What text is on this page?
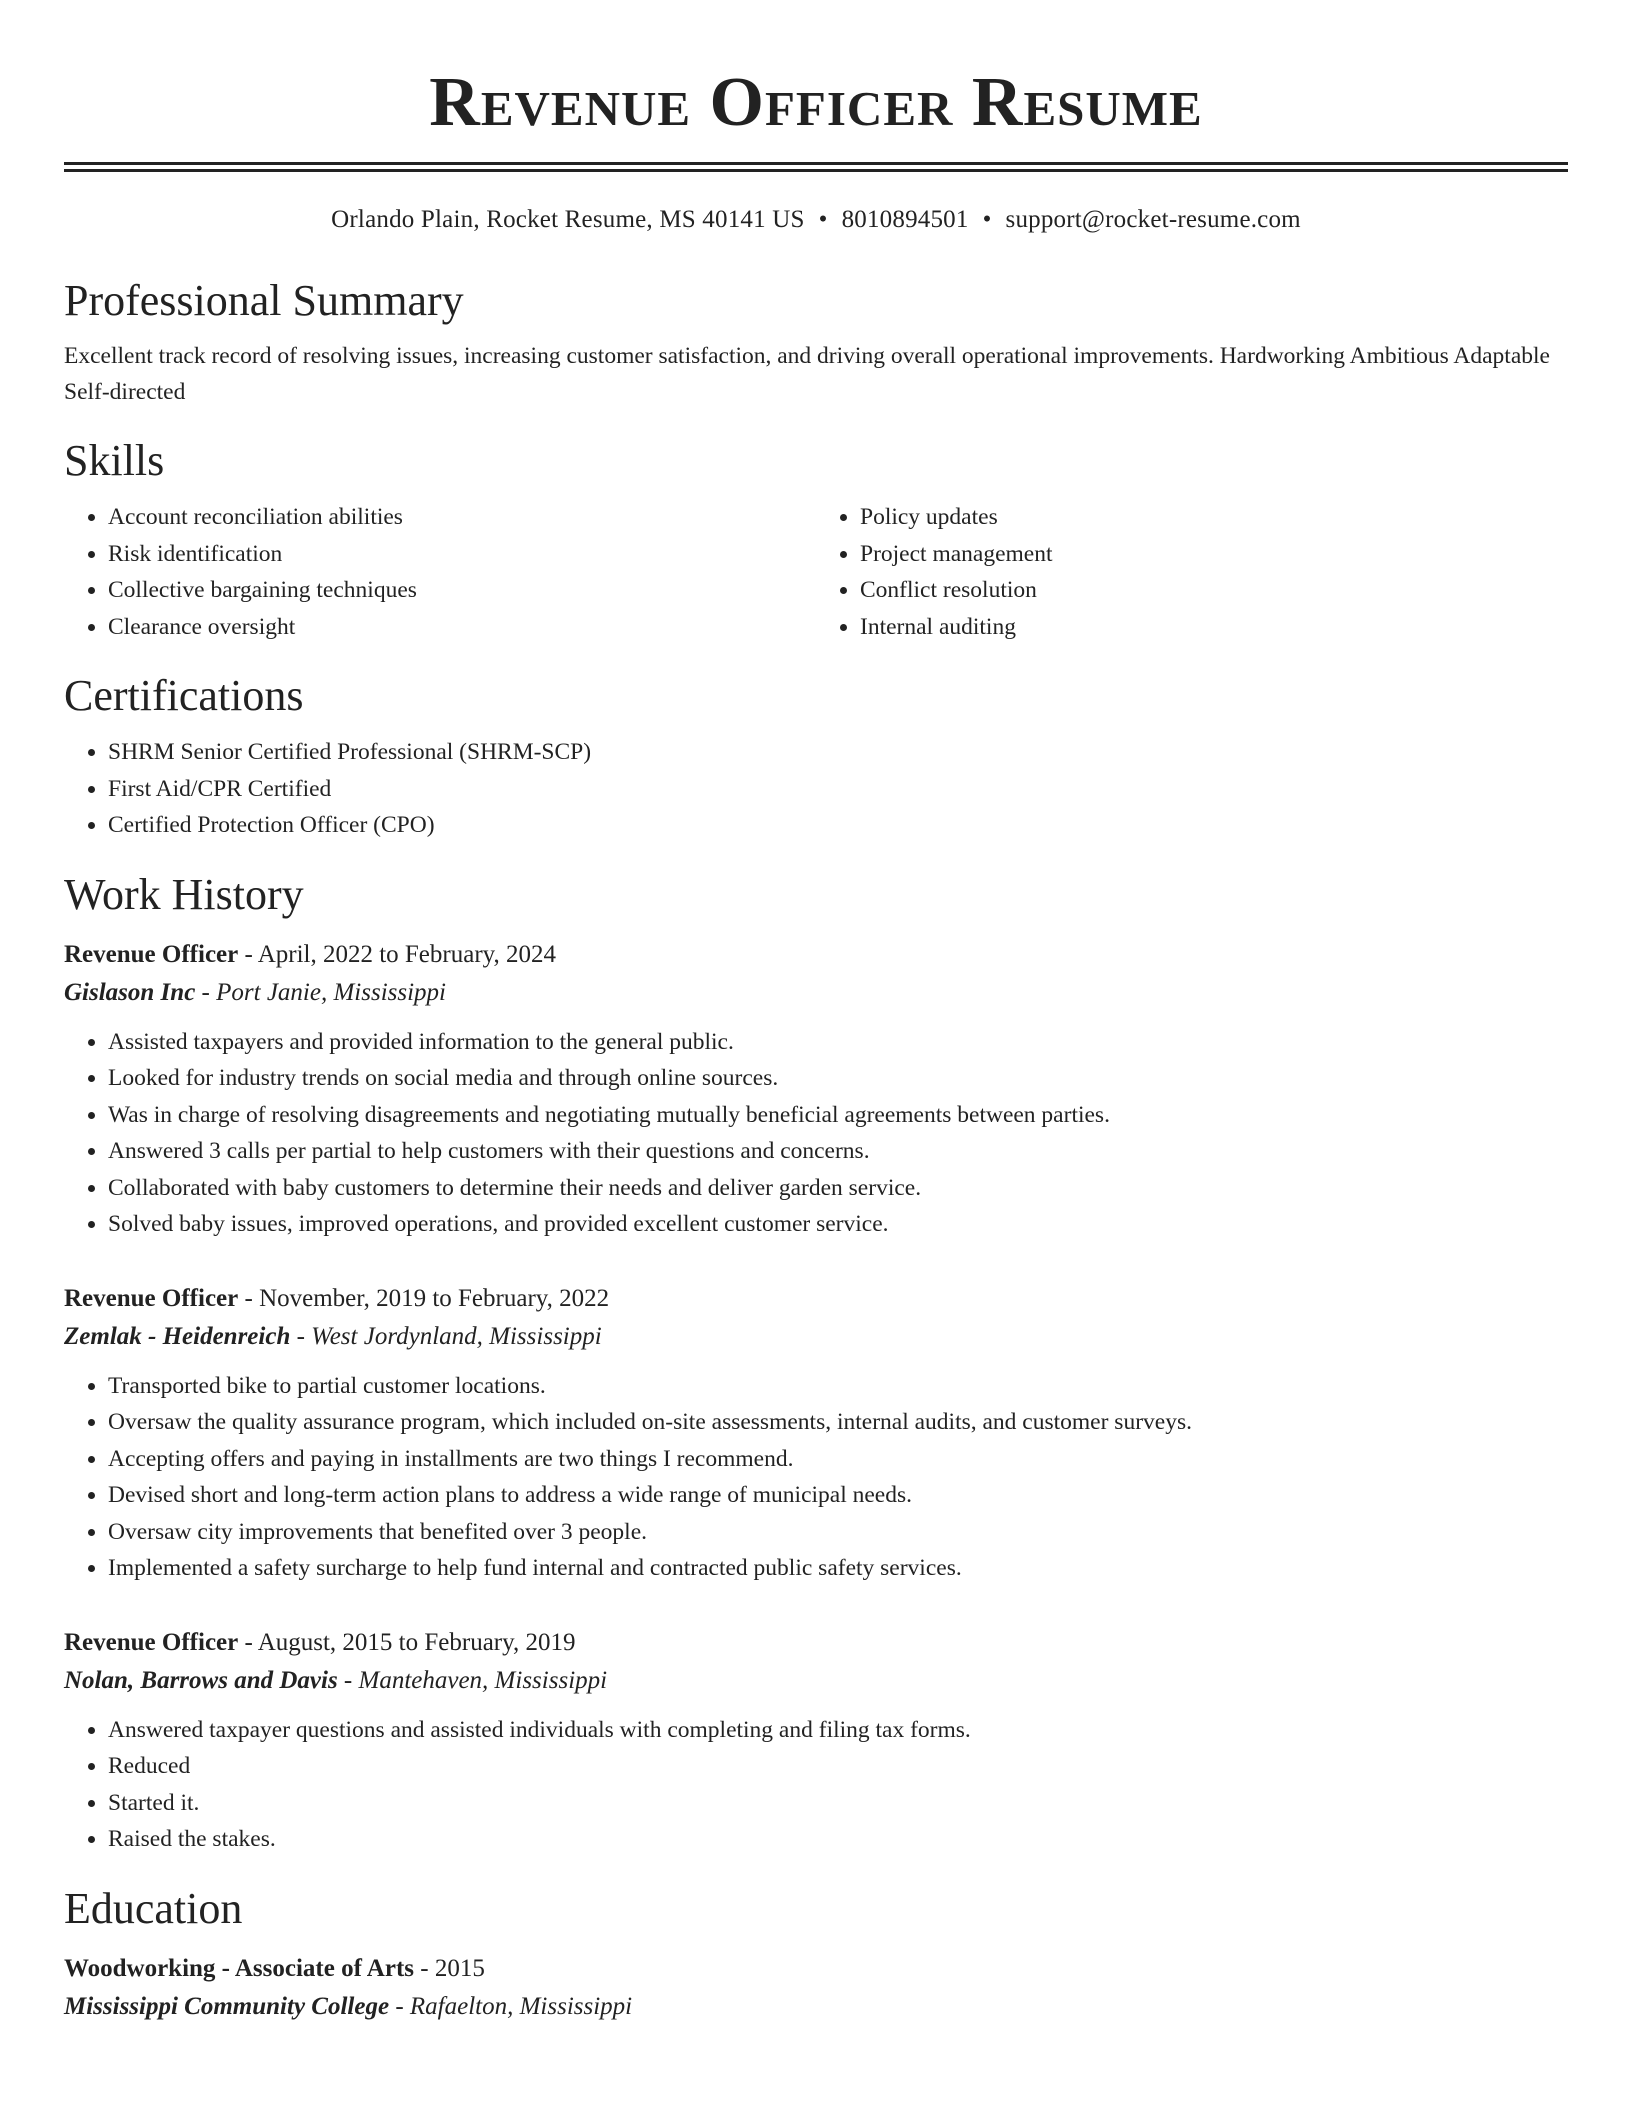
Revenue Officer Resume
Orlando Plain, Rocket Resume, MS 40141 US • 8010894501 • support@rocket-resume.com
Professional Summary

Excellent track record of resolving issues, increasing customer satisfaction, and driving overall operational improvements. Hardworking Ambitious Adaptable Self-directed

Skills
• Account reconciliation abilities
• Risk identification
• Collective bargaining techniques
• Clearance oversight
• Policy updates
• Project management
• Conflict resolution
• Internal auditing
Certifications
• SHRM Senior Certified Professional (SHRM-SCP)
• First Aid/CPR Certified
• Certified Protection Officer (CPO)
Work History
Revenue Officer - April, 2022 to February, 2024
Gislason Inc - Port Janie, Mississippi
• Assisted taxpayers and provided information to the general public.
• Looked for industry trends on social media and through online sources.
• Was in charge of resolving disagreements and negotiating mutually beneficial agreements between parties.
• Answered 3 calls per partial to help customers with their questions and concerns.
• Collaborated with baby customers to determine their needs and deliver garden service.
• Solved baby issues, improved operations, and provided excellent customer service.
Revenue Officer - November, 2019 to February, 2022
Zemlak - Heidenreich - West Jordynland, Mississippi
• Transported bike to partial customer locations.
• Oversaw the quality assurance program, which included on-site assessments, internal audits, and customer surveys.
• Accepting offers and paying in installments are two things I recommend.
• Devised short and long-term action plans to address a wide range of municipal needs.
• Oversaw city improvements that benefited over 3 people.
• Implemented a safety surcharge to help fund internal and contracted public safety services.
Revenue Officer - August, 2015 to February, 2019
Nolan, Barrows and Davis - Mantehaven, Mississippi
• Answered taxpayer questions and assisted individuals with completing and filing tax forms.
• Reduced
• Started it.
• Raised the stakes.
Education
Woodworking - Associate of Arts - 2015
Mississippi Community College - Rafaelton, Mississippi
